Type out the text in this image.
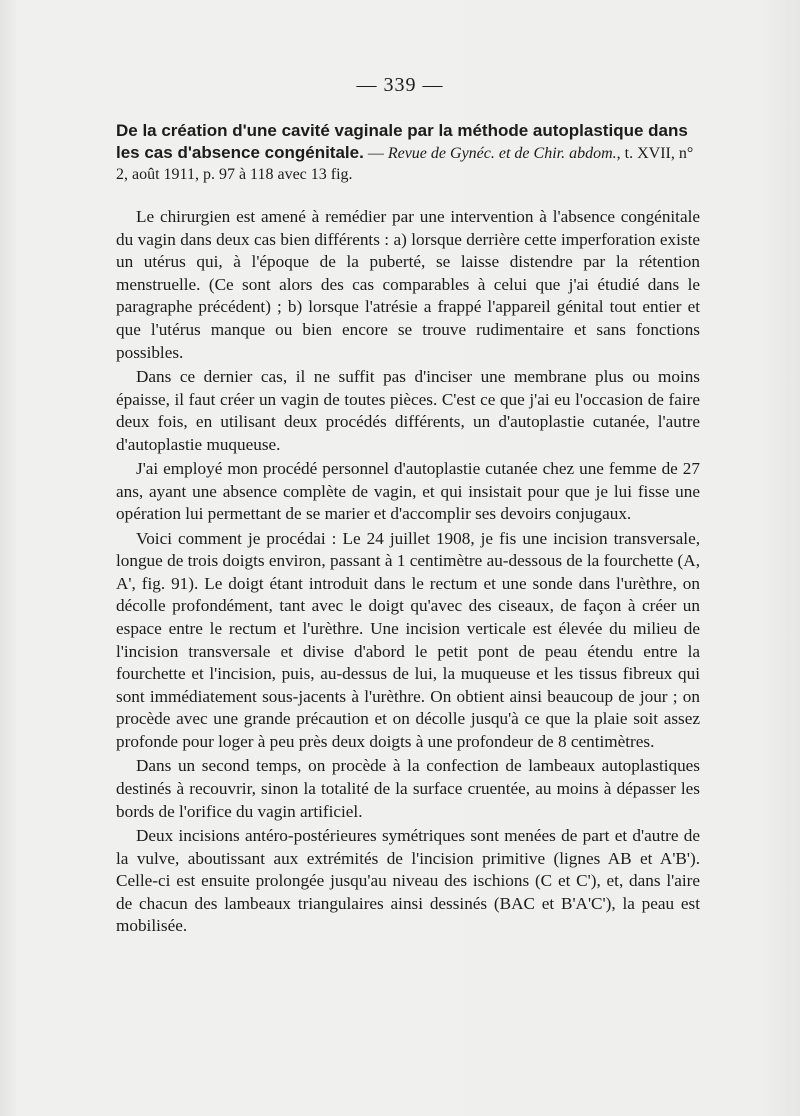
— 339 —
De la création d'une cavité vaginale par la méthode autoplastique dans les cas d'absence congénitale. — Revue de Gynéc. et de Chir. abdom., t. XVII, n° 2, août 1911, p. 97 à 118 avec 13 fig.

Le chirurgien est amené à remédier par une intervention à l'absence congénitale du vagin dans deux cas bien différents : a) lorsque derrière cette imperforation existe un utérus qui, à l'époque de la puberté, se laisse distendre par la rétention menstruelle. (Ce sont alors des cas comparables à celui que j'ai étudié dans le paragraphe précédent) ; b) lorsque l'atrésie a frappé l'appareil génital tout entier et que l'utérus manque ou bien encore se trouve rudimentaire et sans fonctions possibles.

Dans ce dernier cas, il ne suffit pas d'inciser une membrane plus ou moins épaisse, il faut créer un vagin de toutes pièces. C'est ce que j'ai eu l'occasion de faire deux fois, en utilisant deux procédés différents, un d'autoplastie cutanée, l'autre d'autoplastie muqueuse.

J'ai employé mon procédé personnel d'autoplastie cutanée chez une femme de 27 ans, ayant une absence complète de vagin, et qui insistait pour que je lui fisse une opération lui permettant de se marier et d'accomplir ses devoirs conjugaux.

Voici comment je procédai : Le 24 juillet 1908, je fis une incision transversale, longue de trois doigts environ, passant à 1 centimètre au-dessous de la fourchette (A, A', fig. 91). Le doigt étant introduit dans le rectum et une sonde dans l'urèthre, on décolle profondément, tant avec le doigt qu'avec des ciseaux, de façon à créer un espace entre le rectum et l'urèthre. Une incision verticale est élevée du milieu de l'incision transversale et divise d'abord le petit pont de peau étendu entre la fourchette et l'incision, puis, au-dessus de lui, la muqueuse et les tissus fibreux qui sont immédiatement sous-jacents à l'urèthre. On obtient ainsi beaucoup de jour ; on procède avec une grande précaution et on décolle jusqu'à ce que la plaie soit assez profonde pour loger à peu près deux doigts à une profondeur de 8 centimètres.

Dans un second temps, on procède à la confection de lambeaux autoplastiques destinés à recouvrir, sinon la totalité de la surface cruentée, au moins à dépasser les bords de l'orifice du vagin artificiel.

Deux incisions antéro-postérieures symétriques sont menées de part et d'autre de la vulve, aboutissant aux extrémités de l'incision primitive (lignes AB et A'B'). Celle-ci est ensuite prolongée jusqu'au niveau des ischions (C et C'), et, dans l'aire de chacun des lambeaux triangulaires ainsi dessinés (BAC et B'A'C'), la peau est mobilisée.
